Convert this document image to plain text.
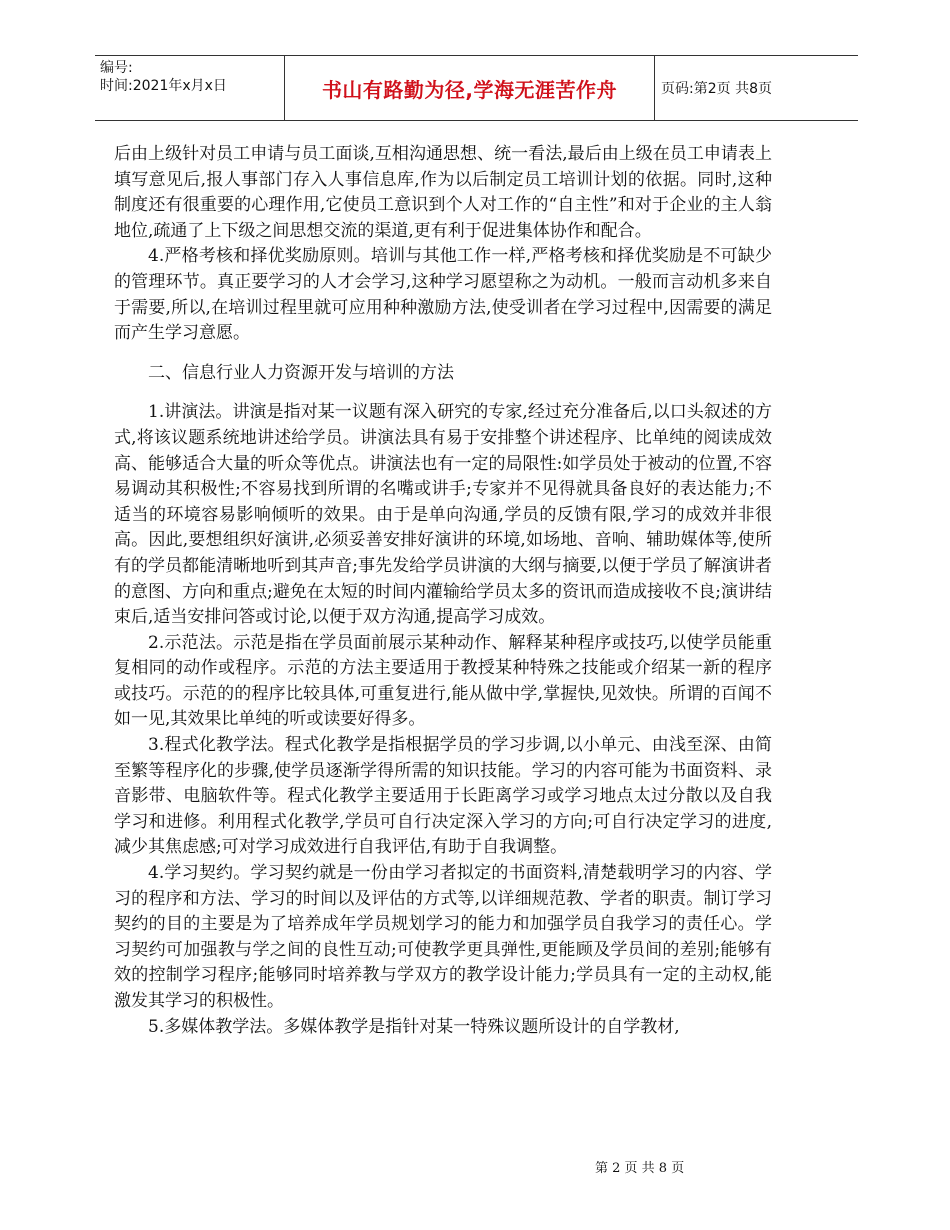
编号:
时间:2021年x月x日	书山有路勤为径,学海无涯苦作舟	页码:第2页 共8页

后由上级针对员工申请与员工面谈,互相沟通思想、统一看法,最后由上级在员工申请表上填写意见后,报人事部门存入人事信息库,作为以后制定员工培训计划的依据。同时,这种制度还有很重要的心理作用,它使员工意识到个人对工作的“自主性”和对于企业的主人翁地位,疏通了上下级之间思想交流的渠道,更有利于促进集体协作和配合。

4.严格考核和择优奖励原则。培训与其他工作一样,严格考核和择优奖励是不可缺少的管理环节。真正要学习的人才会学习,这种学习愿望称之为动机。一般而言动机多来自于需要,所以,在培训过程里就可应用种种激励方法,使受训者在学习过程中,因需要的满足而产生学习意愿。

二、信息行业人力资源开发与培训的方法

1.讲演法。讲演是指对某一议题有深入研究的专家,经过充分准备后,以口头叙述的方式,将该议题系统地讲述给学员。讲演法具有易于安排整个讲述程序、比单纯的阅读成效高、能够适合大量的听众等优点。讲演法也有一定的局限性:如学员处于被动的位置,不容易调动其积极性;不容易找到所谓的名嘴或讲手;专家并不见得就具备良好的表达能力;不适当的环境容易影响倾听的效果。由于是单向沟通,学员的反馈有限,学习的成效并非很高。因此,要想组织好演讲,必须妥善安排好演讲的环境,如场地、音响、辅助媒体等,使所有的学员都能清晰地听到其声音;事先发给学员讲演的大纲与摘要,以便于学员了解演讲者的意图、方向和重点;避免在太短的时间内灌输给学员太多的资讯而造成接收不良;演讲结束后,适当安排问答或讨论,以便于双方沟通,提高学习成效。

2.示范法。示范是指在学员面前展示某种动作、解释某种程序或技巧,以使学员能重复相同的动作或程序。示范的方法主要适用于教授某种特殊之技能或介绍某一新的程序或技巧。示范的的程序比较具体,可重复进行,能从做中学,掌握快,见效快。所谓的百闻不如一见,其效果比单纯的听或读要好得多。

3.程式化教学法。程式化教学是指根据学员的学习步调,以小单元、由浅至深、由简至繁等程序化的步骤,使学员逐渐学得所需的知识技能。学习的内容可能为书面资料、录音影带、电脑软件等。程式化教学主要适用于长距离学习或学习地点太过分散以及自我学习和进修。利用程式化教学,学员可自行决定深入学习的方向;可自行决定学习的进度,减少其焦虑感;可对学习成效进行自我评估,有助于自我调整。

4.学习契约。学习契约就是一份由学习者拟定的书面资料,清楚载明学习的内容、学习的程序和方法、学习的时间以及评估的方式等,以详细规范教、学者的职责。制订学习契约的目的主要是为了培养成年学员规划学习的能力和加强学员自我学习的责任心。学习契约可加强教与学之间的良性互动;可使教学更具弹性,更能顾及学员间的差别;能够有效的控制学习程序;能够同时培养教与学双方的教学设计能力;学员具有一定的主动权,能激发其学习的积极性。

5.多媒体教学法。多媒体教学是指针对某一特殊议题所设计的自学教材,

第 2 页 共 8 页
